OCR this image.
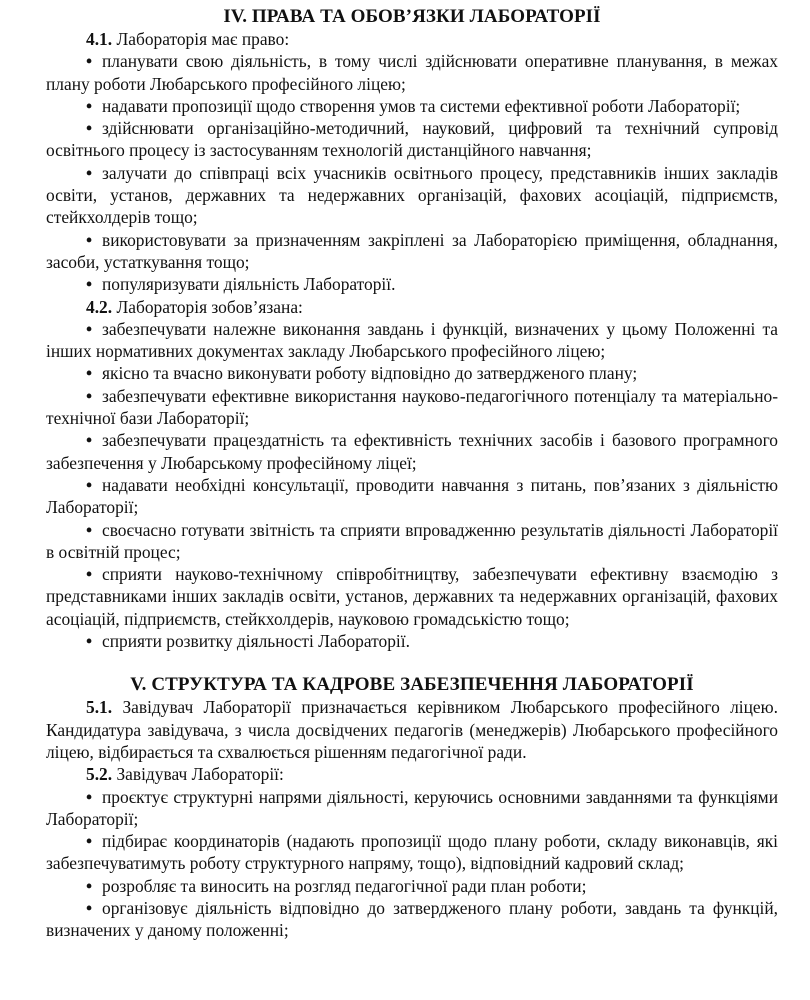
IV. ПРАВА ТА ОБОВ’ЯЗКИ ЛАБОРАТОРІЇ

4.1. Лабораторія має право:

• планувати свою діяльність, в тому числі здійснювати оперативне планування, в межах плану роботи Любарського професійного ліцею;

• надавати пропозиції щодо створення умов та системи ефективної роботи Лабораторії;

• здійснювати організаційно-методичний, науковий, цифровий та технічний супровід освітнього процесу із застосуванням технологій дистанційного навчання;

• залучати до співпраці всіх учасників освітнього процесу, представників інших закладів освіти, установ, державних та недержавних організацій, фахових асоціацій, підприємств, стейкхолдерів тощо;

• використовувати за призначенням закріплені за Лабораторією приміщення, обладнання, засоби, устаткування тощо;

• популяризувати діяльність Лабораторії.

4.2. Лабораторія зобов’язана:

• забезпечувати належне виконання завдань і функцій, визначених у цьому Положенні та інших нормативних документах закладу Любарського професійного ліцею;

• якісно та вчасно виконувати роботу відповідно до затвердженого плану;

• забезпечувати ефективне використання науково-педагогічного потенціалу та матеріально-технічної бази Лабораторії;

• забезпечувати працездатність та ефективність технічних засобів і базового програмного забезпечення у Любарському професійному ліцеї;

• надавати необхідні консультації, проводити навчання з питань, пов’язаних з діяльністю Лабораторії;

• своєчасно готувати звітність та сприяти впровадженню результатів діяльності Лабораторії в освітній процес;

• сприяти науково-технічному співробітництву, забезпечувати ефективну взаємодію з представниками інших закладів освіти, установ, державних та недержавних організацій, фахових асоціацій, підприємств, стейкхолдерів, науковою громадськістю тощо;

• сприяти розвитку діяльності Лабораторії.

V. СТРУКТУРА ТА КАДРОВЕ ЗАБЕЗПЕЧЕННЯ ЛАБОРАТОРІЇ

5.1. Завідувач Лабораторії призначається керівником Любарського професійного ліцею. Кандидатура завідувача, з числа досвідчених педагогів (менеджерів) Любарського професійного ліцею, відбирається та схвалюється рішенням педагогічної ради.

5.2. Завідувач Лабораторії:

• проєктує структурні напрями діяльності, керуючись основними завданнями та функціями Лабораторії;

• підбирає координаторів (надають пропозиції щодо плану роботи, складу виконавців, які забезпечуватимуть роботу структурного напряму, тощо), відповідний кадровий склад;

• розробляє та виносить на розгляд педагогічної ради план роботи;

• організовує діяльність відповідно до затвердженого плану роботи, завдань та функцій, визначених у даному положенні;
